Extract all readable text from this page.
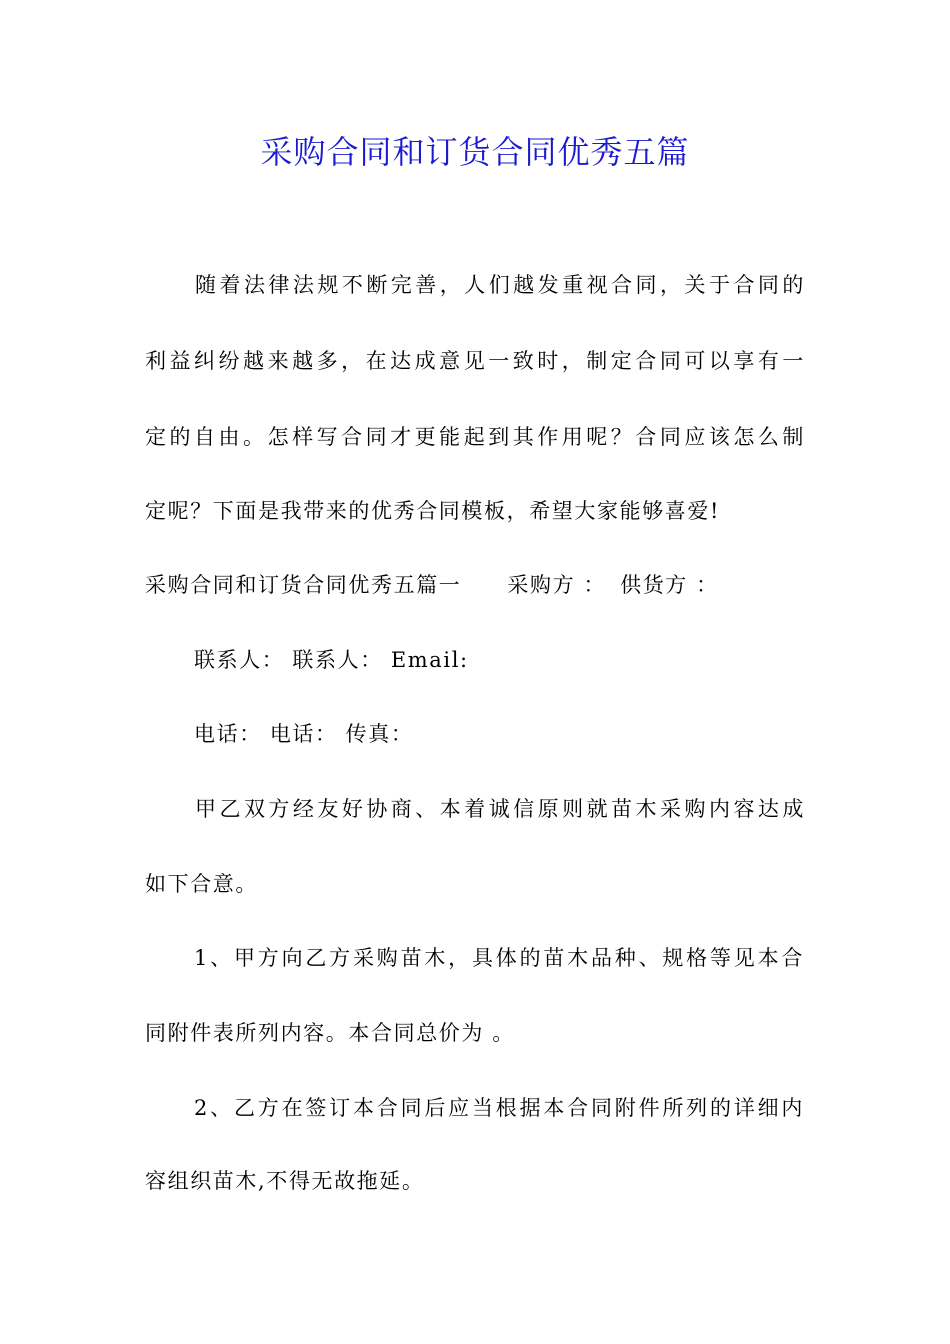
采购合同和订货合同优秀五篇
随着法律法规不断完善，人们越发重视合同，关于合同的
利益纠纷越来越多，在达成意见一致时，制定合同可以享有一
定的自由。怎样写合同才更能起到其作用呢？合同应该怎么制
定呢？下面是我带来的优秀合同模板，希望大家能够喜爱!
采购合同和订货合同优秀五篇一 采购方 ： 供货方 ：
联系人： 联系人： Email:
电话： 电话： 传真：
甲乙双方经友好协商、本着诚信原则就苗木采购内容达成
如下合意。
1、甲方向乙方采购苗木，具体的苗木品种、规格等见本合
同附件表所列内容。本合同总价为 。
2、乙方在签订本合同后应当根据本合同附件所列的详细内
容组织苗木,不得无故拖延。
